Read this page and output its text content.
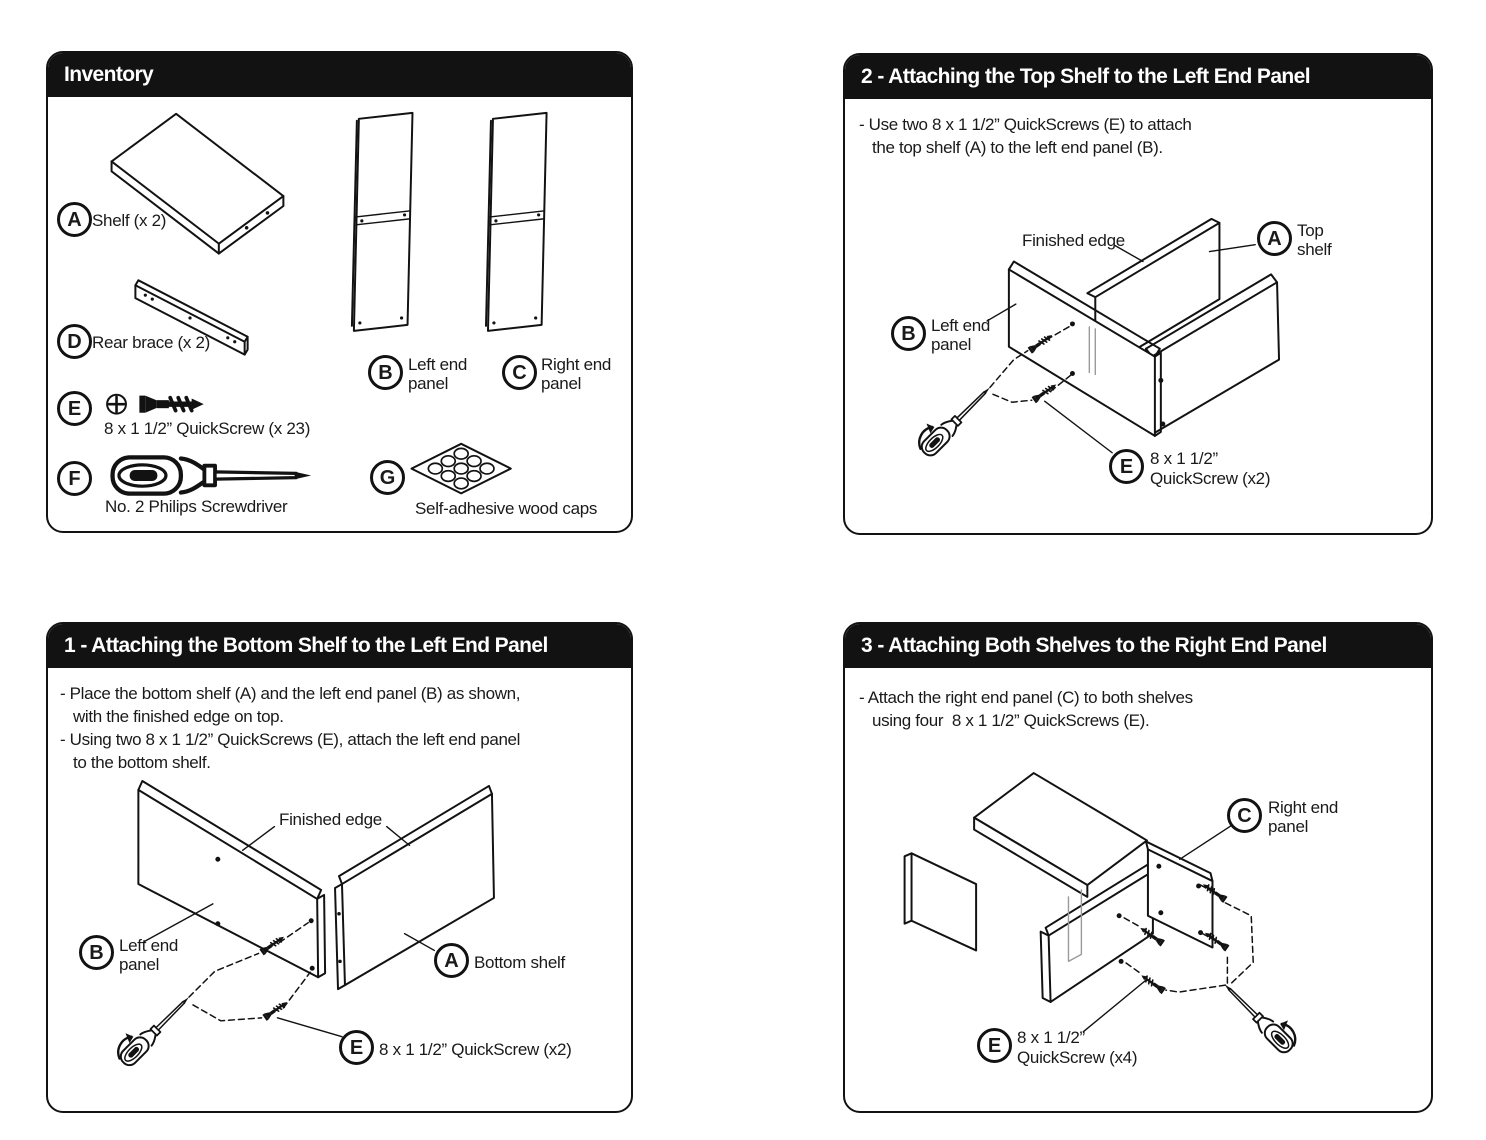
Inventory
A Shelf (x 2)
D Rear brace (x 2)
E
8 x 1 1/2” QuickScrew (x 23)
F
No. 2 Philips Screwdriver
B Left end
panel	C Right end
panel
G
Self-adhesive wood caps
2 - Attaching the Top Shelf to the Left End Panel
- Use two 8 x 1 1/2” QuickScrews (E) to attach
the top shelf (A) to the left end panel (B).
Finished edge	A Top
shelf
B Left end
panel
E 8 x 1 1/2”
QuickScrew (x2)
1 - Attaching the Bottom Shelf to the Left End Panel
- Place the bottom shelf (A) and the left end panel (B) as shown,
with the finished edge on top.
- Using two 8 x 1 1/2” QuickScrews (E), attach the left end panel
to the bottom shelf.
Finished edge
B Left end
panel	A Bottom shelf
E 8 x 1 1/2” QuickScrew (x2)
3 - Attaching Both Shelves to the Right End Panel
- Attach the right end panel (C) to both shelves
using four  8 x 1 1/2” QuickScrews (E).
C Right end
panel
E 8 x 1 1/2”
QuickScrew (x4)
